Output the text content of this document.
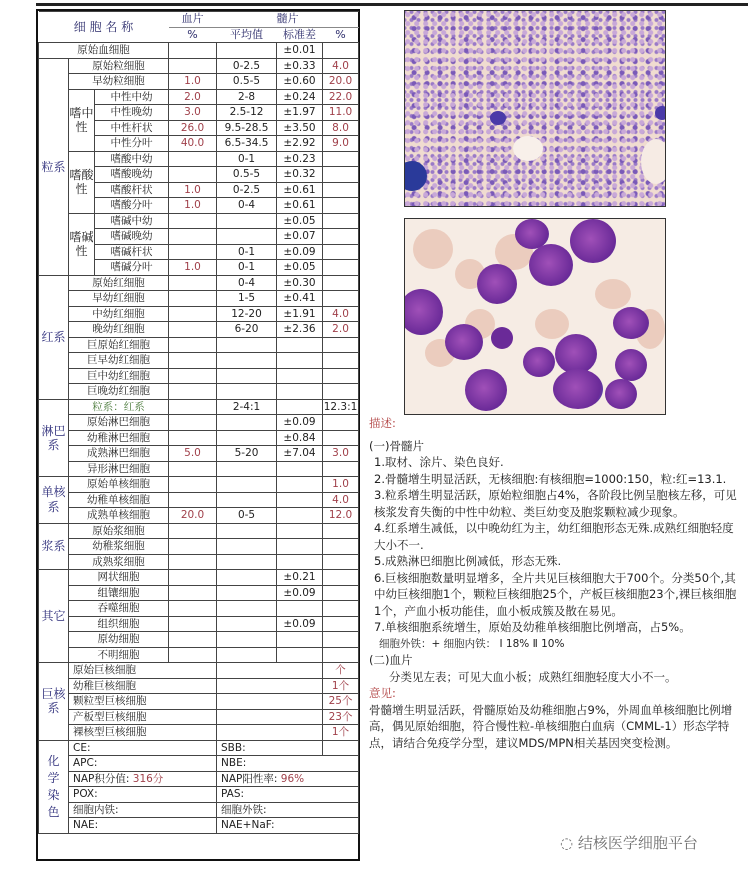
细 胞 名 称			血片	髓片		
			%	平均值	标准差	%
原始血细胞					±0.01	
粒系	原始粒细胞			0-2.5	±0.33	4.0
	早幼粒细胞		1.0	0.5-5	±0.60	20.0
	嗜中性	中性中幼	2.0	2-8	±0.24	22.0
		中性晚幼	3.0	2.5-12	±1.97	11.0
		中性杆状	26.0	9.5-28.5	±3.50	8.0
		中性分叶	40.0	6.5-34.5	±2.92	9.0
	嗜酸性	嗜酸中幼		0-1	±0.23	
		嗜酸晚幼		0.5-5	±0.32	
		嗜酸杆状	1.0	0-2.5	±0.61	
		嗜酸分叶	1.0	0-4	±0.61	
	嗜碱性	嗜碱中幼			±0.05	
		嗜碱晚幼			±0.07	
		嗜碱杆状		0-1	±0.09	
		嗜碱分叶	1.0	0-1	±0.05	
红系	原始红细胞			0-4	±0.30	
	早幼红细胞			1-5	±0.41	
	中幼红细胞			12-20	±1.91	4.0
	晚幼红细胞			6-20	±2.36	2.0
	巨原始红细胞					
	巨早幼红细胞					
	巨中幼红细胞					
	巨晚幼红细胞					
淋巴系	粒系：红系			2-4:1		12.3:1
	原始淋巴细胞				±0.09	
	幼稚淋巴细胞				±0.84	
	成熟淋巴细胞		5.0	5-20	±7.04	3.0
	异形淋巴细胞					
单核系	原始单核细胞					1.0
	幼稚单核细胞					4.0
	成熟单核细胞		20.0	0-5		12.0
浆系	原始浆细胞					
	幼稚浆细胞					
	成熟浆细胞					
其它	网状细胞				±0.21	
	组镶细胞				±0.09	
	吞噬细胞					
	组织细胞				±0.09	
	原幼细胞					
	不明细胞					
巨核系	原始巨核细胞					个
	幼稚巨核细胞					1个
	颗粒型巨核细胞					25个
	产板型巨核细胞					23个
	裸核型巨核细胞					1个
化学染色	CE:			SBB:		
	APC:			NBE:		
	NAP积分值: 316分			NAP阳性率: 96%		
	POX:			PAS:		
	细胞内铁:			细胞外铁:		
	NAE:			NAE+NaF:		

描述:

(一)骨髓片

1.取材、涂片、染色良好.

2.骨髓增生明显活跃，无核细胞:有核细胞=1000:150，粒:红=13.1.

3.粒系增生明显活跃，原始粒细胞占4%，各阶段比例呈胞核左移，可见核浆发育失衡的中性中幼粒、类巨幼变及胞浆颗粒减少现象。

4.红系增生减低，以中晚幼红为主，幼红细胞形态无殊.成熟红细胞轻度大小不一.

5.成熟淋巴细胞比例减低，形态无殊.

6.巨核细胞数量明显增多，全片共见巨核细胞大于700个。分类50个,其中幼巨核细胞1个，颗粒巨核细胞25个，产板巨核细胞23个,裸巨核细胞1个，产血小板功能佳，血小板成簇及散在易见。

7.单核细胞系统增生，原始及幼稚单核细胞比例增高，占5%。

细胞外铁：+ 细胞内铁： Ⅰ 18% Ⅱ 10%

(二)血片

分类见左表；可见大血小板；成熟红细胞轻度大小不一。

意见:

骨髓增生明显活跃，骨髓原始及幼稚细胞占9%，外周血单核细胞比例增高，偶见原始细胞，符合慢性粒-单核细胞白血病（CMML-1）形态学特点，请结合免疫学分型，建议MDS/MPN相关基因突变检测。

◌ 结核医学细胞平台
